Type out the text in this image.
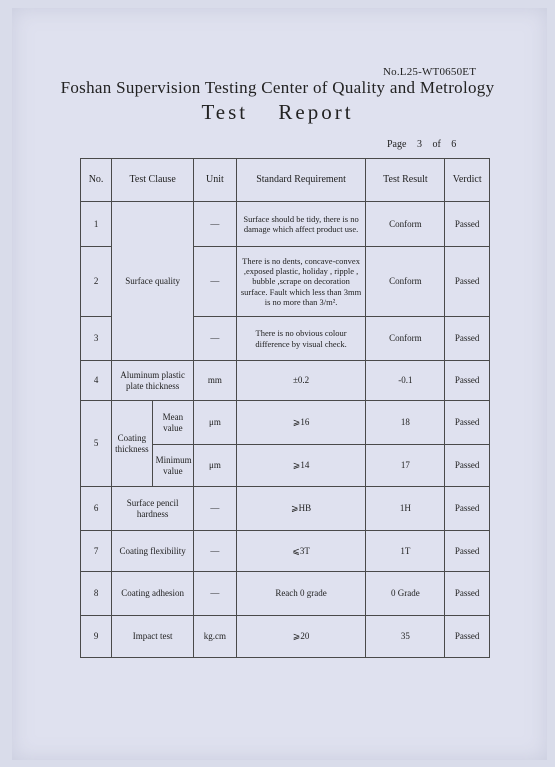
No.L25-WT0650ET
Foshan Supervision Testing Center of Quality and Metrology
Test Report
Page 3 of 6
No.	Test Clause		Unit	Standard Requirement	Test Result	Verdict
1	Surface quality		—	Surface should be tidy, there is no damage which affect product use.	Conform	Passed
2			—	There is no dents, concave-convex ,exposed plastic, holiday , ripple , bubble ,scrape on decoration surface. Fault which less than 3mm is no more than 3/m².	Conform	Passed
3			—	There is no obvious colour difference by visual check.	Conform	Passed
4	Aluminum plastic plate thickness		mm	±0.2	-0.1	Passed
5	Coating thickness	Mean value	μm	⩾16	18	Passed
		Minimum value	μm	⩾14	17	Passed
6	Surface pencil hardness		—	⩾HB	1H	Passed
7	Coating flexibility		—	⩽3T	1T	Passed
8	Coating adhesion		—	Reach 0 grade	0 Grade	Passed
9	Impact test		kg.cm	⩾20	35	Passed
